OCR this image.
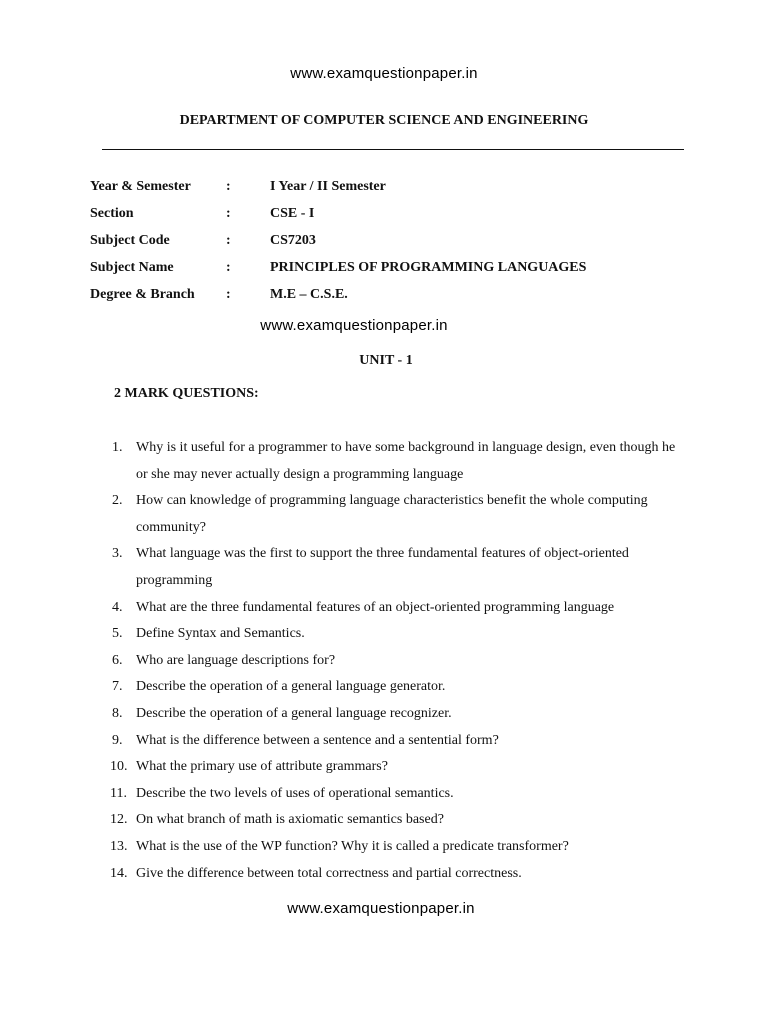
www.examquestionpaper.in
DEPARTMENT OF COMPUTER SCIENCE AND ENGINEERING
Year & Semester	:	I Year / II Semester
Section	:	CSE - I
Subject Code	:	CS7203
Subject Name	:	PRINCIPLES OF PROGRAMMING LANGUAGES
Degree & Branch :	M.E – C.S.E.
www.examquestionpaper.in
UNIT - 1
2 MARK QUESTIONS:
1. Why is it useful for a programmer to have some background in language design, even though he or she may never actually design a programming language
2. How can knowledge of programming language characteristics benefit the whole computing community?
3. What language was the first to support the three fundamental features of object-oriented programming
4. What are the three fundamental features of an object-oriented programming language
5. Define Syntax and Semantics.
6. Who are language descriptions for?
7. Describe the operation of a general language generator.
8. Describe the operation of a general language recognizer.
9. What is the difference between a sentence and a sentential form?
10. What the primary use of attribute grammars?
11. Describe the two levels of uses of operational semantics.
12. On what branch of math is axiomatic semantics based?
13. What is the use of the WP function? Why it is called a predicate transformer?
14. Give the difference between total correctness and partial correctness.
www.examquestionpaper.in
